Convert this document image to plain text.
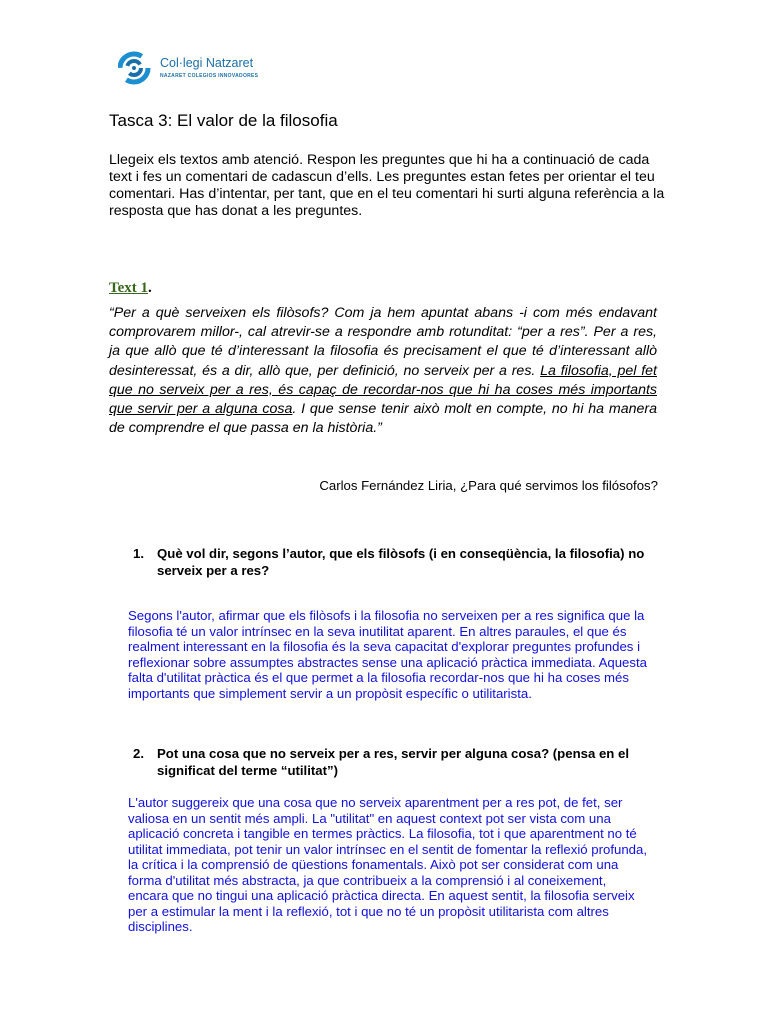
Col·legi Natzaret
NAZARET COLEGIOS INNOVADORES
Tasca 3: El valor de la filosofia
Llegeix els textos amb atenció. Respon les preguntes que hi ha a continuació de cada text i fes un comentari de cadascun d’ells. Les preguntes estan fetes per orientar el teu comentari. Has d’intentar, per tant, que en el teu comentari hi surti alguna referència a la resposta que has donat a les preguntes.
Text 1.
“Per a què serveixen els filòsofs? Com ja hem apuntat abans -i com més endavant comprovarem millor-, cal atrevir-se a respondre amb rotunditat: “per a res”. Per a res, ja que allò que té d’interessant la filosofia és precisament el que té d’interessant allò desinteressat, és a dir, allò que, per definició, no serveix per a res. La filosofia, pel fet que no serveix per a res, és capaç de recordar-nos que hi ha coses més importants que servir per a alguna cosa. I que sense tenir això molt en compte, no hi ha manera de comprendre el que passa en la història.”
Carlos Fernández Liria, ¿Para qué servimos los filósofos?
1. Què vol dir, segons l’autor, que els filòsofs (i en conseqüència, la filosofia) no serveix per a res?
Segons l'autor, afirmar que els filòsofs i la filosofia no serveixen per a res significa que la filosofia té un valor intrínsec en la seva inutilitat aparent. En altres paraules, el que és realment interessant en la filosofia és la seva capacitat d'explorar preguntes profundes i reflexionar sobre assumptes abstractes sense una aplicació pràctica immediata. Aquesta falta d'utilitat pràctica és el que permet a la filosofia recordar-nos que hi ha coses més importants que simplement servir a un propòsit específic o utilitarista.
2. Pot una cosa que no serveix per a res, servir per alguna cosa? (pensa en el significat del terme “utilitat”)
L'autor suggereix que una cosa que no serveix aparentment per a res pot, de fet, ser valiosa en un sentit més ampli. La "utilitat" en aquest context pot ser vista com una aplicació concreta i tangible en termes pràctics. La filosofia, tot i que aparentment no té utilitat immediata, pot tenir un valor intrínsec en el sentit de fomentar la reflexió profunda, la crítica i la comprensió de qüestions fonamentals. Això pot ser considerat com una forma d'utilitat més abstracta, ja que contribueix a la comprensió i al coneixement, encara que no tingui una aplicació pràctica directa. En aquest sentit, la filosofia serveix per a estimular la ment i la reflexió, tot i que no té un propòsit utilitarista com altres disciplines.
